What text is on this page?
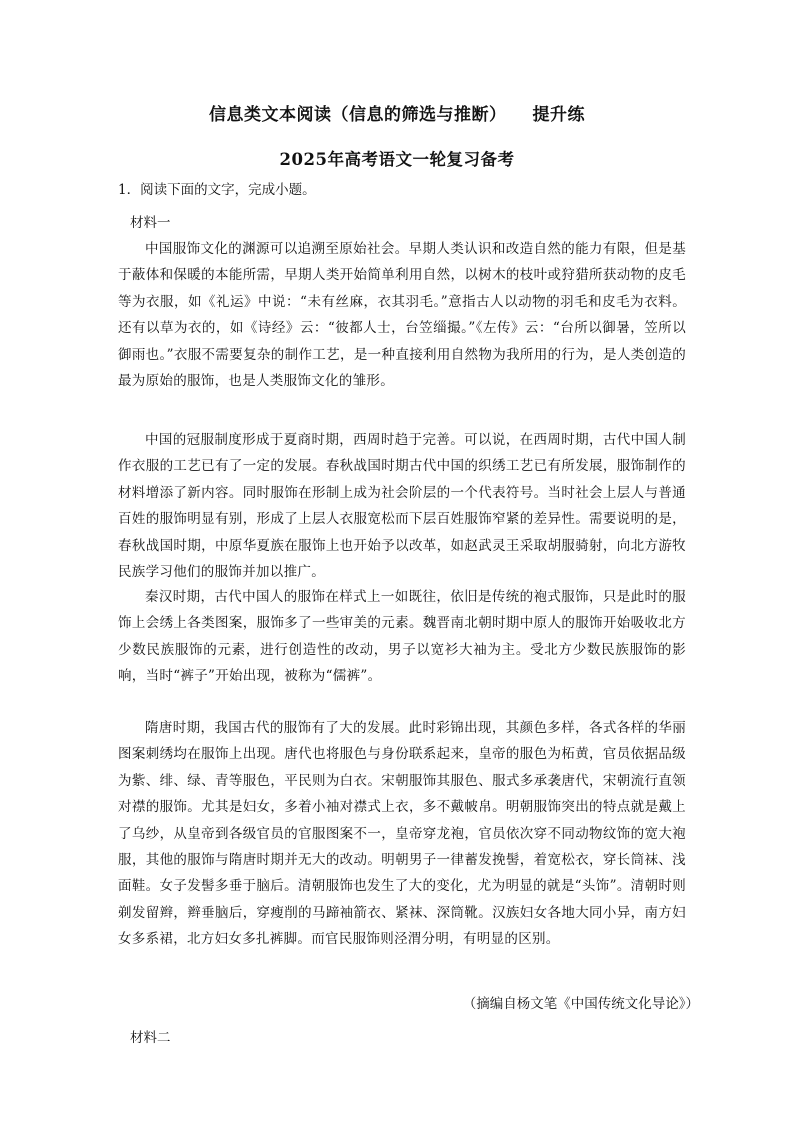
信息类文本阅读（信息的筛选与推断） 提升练
2025年高考语文一轮复习备考
1．阅读下面的文字，完成小题。
材料一
中国服饰文化的渊源可以追溯至原始社会。早期人类认识和改造自然的能力有限，但是基于蔽体和保暖的本能所需，早期人类开始简单利用自然，以树木的枝叶或狩猎所获动物的皮毛等为衣服，如《礼运》中说：“未有丝麻，衣其羽毛。”意指古人以动物的羽毛和皮毛为衣料。还有以草为衣的，如《诗经》云：“彼都人士，台笠缁撮。”《左传》云：“台所以御暑，笠所以御雨也。”衣服不需要复杂的制作工艺，是一种直接利用自然物为我所用的行为，是人类创造的最为原始的服饰，也是人类服饰文化的雏形。
中国的冠服制度形成于夏商时期，西周时趋于完善。可以说，在西周时期，古代中国人制作衣服的工艺已有了一定的发展。春秋战国时期古代中国的织绣工艺已有所发展，服饰制作的材料增添了新内容。同时服饰在形制上成为社会阶层的一个代表符号。当时社会上层人与普通百姓的服饰明显有别，形成了上层人衣服宽松而下层百姓服饰窄紧的差异性。需要说明的是，春秋战国时期，中原华夏族在服饰上也开始予以改革，如赵武灵王采取胡服骑射，向北方游牧民族学习他们的服饰并加以推广。
秦汉时期，古代中国人的服饰在样式上一如既往，依旧是传统的袍式服饰，只是此时的服饰上会绣上各类图案，服饰多了一些审美的元素。魏晋南北朝时期中原人的服饰开始吸收北方少数民族服饰的元素，进行创造性的改动，男子以宽衫大袖为主。受北方少数民族服饰的影响，当时“裤子”开始出现，被称为“儒裤”。
隋唐时期，我国古代的服饰有了大的发展。此时彩锦出现，其颜色多样，各式各样的华丽图案刺绣均在服饰上出现。唐代也将服色与身份联系起来，皇帝的服色为柘黄，官员依据品级为紫、绯、绿、青等服色，平民则为白衣。宋朝服饰其服色、服式多承袭唐代，宋朝流行直领对襟的服饰。尤其是妇女，多着小袖对襟式上衣，多不戴帔帛。明朝服饰突出的特点就是戴上了乌纱，从皇帝到各级官员的官服图案不一，皇帝穿龙袍，官员依次穿不同动物纹饰的宽大袍服，其他的服饰与隋唐时期并无大的改动。明朝男子一律蓄发挽髻，着宽松衣，穿长筒袜、浅面鞋。女子发髻多垂于脑后。清朝服饰也发生了大的变化，尤为明显的就是“头饰”。清朝时则剃发留辫，辫垂脑后，穿瘦削的马蹄袖箭衣、紧袜、深筒靴。汉族妇女各地大同小异，南方妇女多系裙，北方妇女多扎裤脚。而官民服饰则泾渭分明，有明显的区别。
（摘编自杨文笔《中国传统文化导论》）
材料二
